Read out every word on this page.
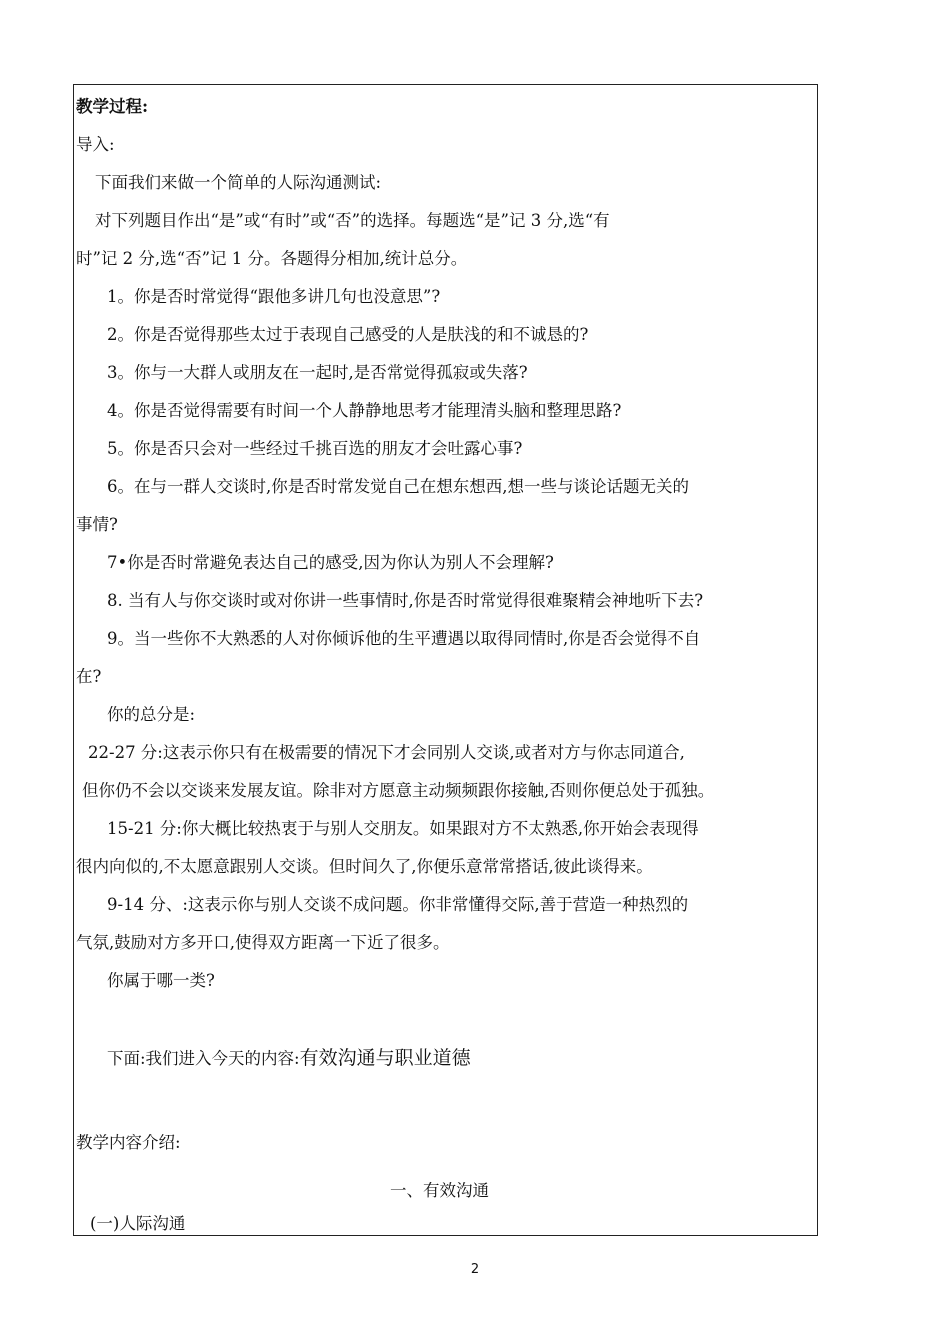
教学过程:
导入:
下面我们来做一个简单的人际沟通测试:
对下列题目作出“是”或“有时”或“否”的选择。每题选“是”记 3 分,选“有
时”记 2 分,选“否”记 1 分。各题得分相加,统计总分。
1。你是否时常觉得“跟他多讲几句也没意思”?
2。你是否觉得那些太过于表现自己感受的人是肤浅的和不诚恳的?
3。你与一大群人或朋友在一起时,是否常觉得孤寂或失落?
4。你是否觉得需要有时间一个人静静地思考才能理清头脑和整理思路?
5。你是否只会对一些经过千挑百选的朋友才会吐露心事?
6。在与一群人交谈时,你是否时常发觉自己在想东想西,想一些与谈论话题无关的
事情?
7•你是否时常避免表达自己的感受,因为你认为别人不会理解?
8. 当有人与你交谈时或对你讲一些事情时,你是否时常觉得很难聚精会神地听下去?
9。当一些你不大熟悉的人对你倾诉他的生平遭遇以取得同情时,你是否会觉得不自
在?
你的总分是:
22-27 分:这表示你只有在极需要的情况下才会同别人交谈,或者对方与你志同道合,
但你仍不会以交谈来发展友谊。除非对方愿意主动频频跟你接触,否则你便总处于孤独。
15-21 分:你大概比较热衷于与别人交朋友。如果跟对方不太熟悉,你开始会表现得
很内向似的,不太愿意跟别人交谈。但时间久了,你便乐意常常搭话,彼此谈得来。
9-14 分、:这表示你与别人交谈不成问题。你非常懂得交际,善于营造一种热烈的
气氛,鼓励对方多开口,使得双方距离一下近了很多。
你属于哪一类?
下面:我们进入今天的内容:有效沟通与职业道德
教学内容介绍:
一、有效沟通
(一)人际沟通
2
